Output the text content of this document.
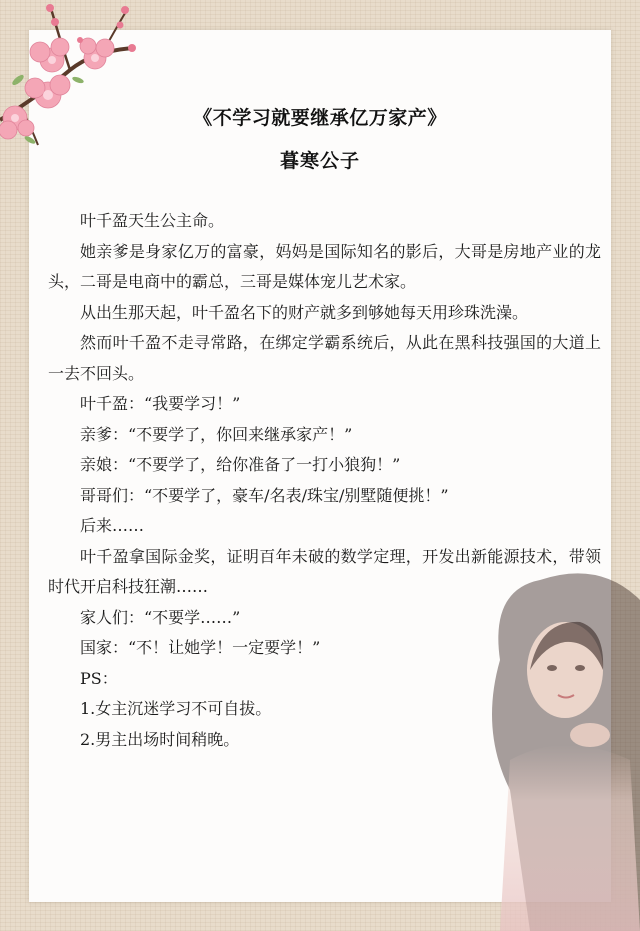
《不学习就要继承亿万家产》
暮寒公子

叶千盈天生公主命。

她亲爹是身家亿万的富豪，妈妈是国际知名的影后，大哥是房地产业的龙头，二哥是电商中的霸总，三哥是媒体宠儿艺术家。

从出生那天起，叶千盈名下的财产就多到够她每天用珍珠洗澡。

然而叶千盈不走寻常路，在绑定学霸系统后，从此在黑科技强国的大道上一去不回头。

叶千盈：“我要学习！”

亲爹：“不要学了，你回来继承家产！”

亲娘：“不要学了，给你准备了一打小狼狗！”

哥哥们：“不要学了，豪车/名表/珠宝/别墅随便挑！”

后来……

叶千盈拿国际金奖，证明百年未破的数学定理，开发出新能源技术，带领时代开启科技狂潮……

家人们：“不要学……”

国家：“不！让她学！一定要学！”

PS：

1.女主沉迷学习不可自拔。

2.男主出场时间稍晚。
